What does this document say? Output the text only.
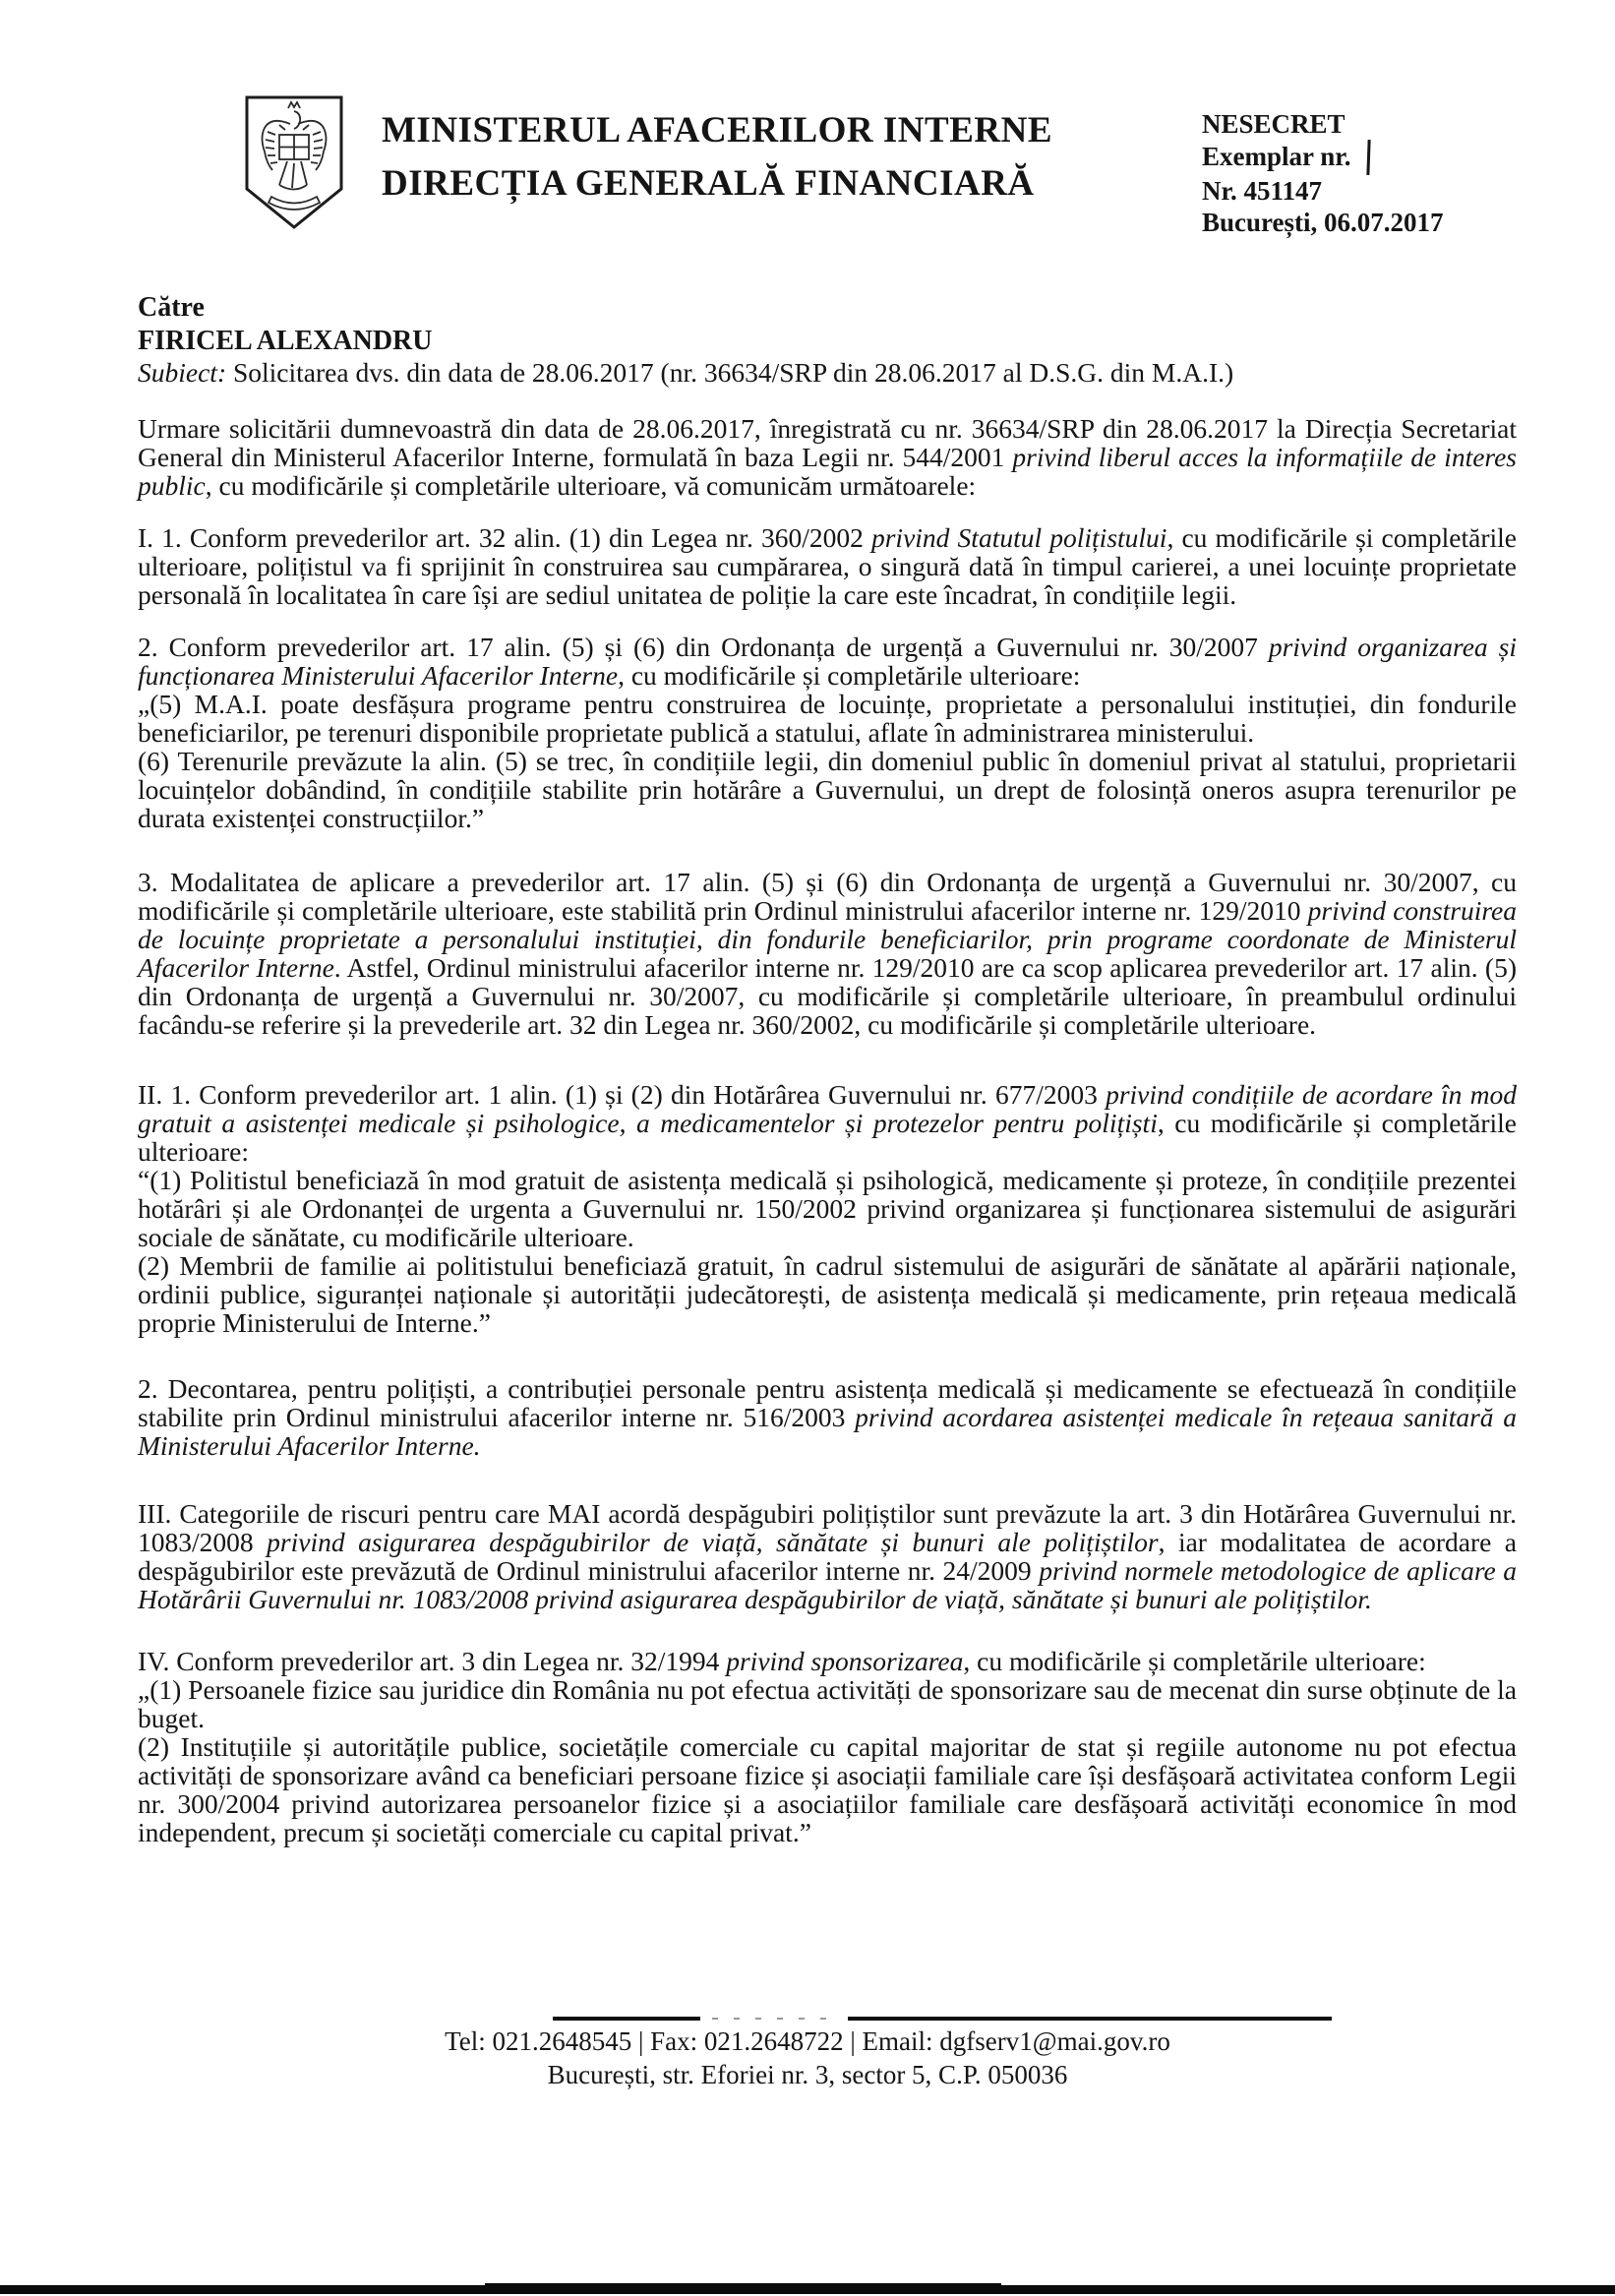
MINISTERUL AFACERILOR INTERNE
DIRECȚIA GENERALĂ FINANCIARĂ
NESECRET
Exemplar nr.
Nr. 451147
București, 06.07.2017
Către
FIRICEL ALEXANDRU

Subiect: Solicitarea dvs. din data de 28.06.2017 (nr. 36634/SRP din 28.06.2017 al D.S.G. din M.A.I.)

Urmare solicitării dumnevoastră din data de 28.06.2017, înregistrată cu nr. 36634/SRP din 28.06.2017 la Direcția Secretariat General din Ministerul Afacerilor Interne, formulată în baza Legii nr. 544/2001 privind liberul acces la informațiile de interes public, cu modificările și completările ulterioare, vă comunicăm următoarele:

I. 1. Conform prevederilor art. 32 alin. (1) din Legea nr. 360/2002 privind Statutul polițistului, cu modificările și completările ulterioare, polițistul va fi sprijinit în construirea sau cumpărarea, o singură dată în timpul carierei, a unei locuințe proprietate personală în localitatea în care își are sediul unitatea de poliție la care este încadrat, în condițiile legii.

2. Conform prevederilor art. 17 alin. (5) și (6) din Ordonanța de urgență a Guvernului nr. 30/2007 privind organizarea și funcționarea Ministerului Afacerilor Interne, cu modificările și completările ulterioare:

„(5) M.A.I. poate desfășura programe pentru construirea de locuințe, proprietate a personalului instituției, din fondurile beneficiarilor, pe terenuri disponibile proprietate publică a statului, aflate în administrarea ministerului.

(6) Terenurile prevăzute la alin. (5) se trec, în condițiile legii, din domeniul public în domeniul privat al statului, proprietarii locuințelor dobândind, în condițiile stabilite prin hotărâre a Guvernului, un drept de folosință oneros asupra terenurilor pe durata existenței construcțiilor.”

3. Modalitatea de aplicare a prevederilor art. 17 alin. (5) și (6) din Ordonanța de urgență a Guvernului nr. 30/2007, cu modificările și completările ulterioare, este stabilită prin Ordinul ministrului afacerilor interne nr. 129/2010 privind construirea de locuințe proprietate a personalului instituției, din fondurile beneficiarilor, prin programe coordonate de Ministerul Afacerilor Interne. Astfel, Ordinul ministrului afacerilor interne nr. 129/2010 are ca scop aplicarea prevederilor art. 17 alin. (5) din Ordonanța de urgență a Guvernului nr. 30/2007, cu modificările și completările ulterioare, în preambulul ordinului facându-se referire și la prevederile art. 32 din Legea nr. 360/2002, cu modificările și completările ulterioare.

II. 1. Conform prevederilor art. 1 alin. (1) și (2) din Hotărârea Guvernului nr. 677/2003 privind condițiile de acordare în mod gratuit a asistenței medicale și psihologice, a medicamentelor și protezelor pentru polițiști, cu modificările și completările ulterioare:

“(1) Politistul beneficiază în mod gratuit de asistența medicală și psihologică, medicamente și proteze, în condițiile prezentei hotărâri și ale Ordonanței de urgenta a Guvernului nr. 150/2002 privind organizarea și funcționarea sistemului de asigurări sociale de sănătate, cu modificările ulterioare.

(2) Membrii de familie ai politistului beneficiază gratuit, în cadrul sistemului de asigurări de sănătate al apărării naționale, ordinii publice, siguranței naționale și autorității judecătorești, de asistența medicală și medicamente, prin rețeaua medicală proprie Ministerului de Interne.”

2. Decontarea, pentru polițiști, a contribuției personale pentru asistența medicală și medicamente se efectuează în condițiile stabilite prin Ordinul ministrului afacerilor interne nr. 516/2003 privind acordarea asistenței medicale în rețeaua sanitară a Ministerului Afacerilor Interne.

III. Categoriile de riscuri pentru care MAI acordă despăgubiri polițiștilor sunt prevăzute la art. 3 din Hotărârea Guvernului nr. 1083/2008 privind asigurarea despăgubirilor de viață, sănătate și bunuri ale polițiștilor, iar modalitatea de acordare a despăgubirilor este prevăzută de Ordinul ministrului afacerilor interne nr. 24/2009 privind normele metodologice de aplicare a Hotărârii Guvernului nr. 1083/2008 privind asigurarea despăgubirilor de viață, sănătate și bunuri ale polițiștilor.

IV. Conform prevederilor art. 3 din Legea nr. 32/1994 privind sponsorizarea, cu modificările și completările ulterioare:

„(1) Persoanele fizice sau juridice din România nu pot efectua activități de sponsorizare sau de mecenat din surse obținute de la buget.

(2) Instituțiile și autoritățile publice, societățile comerciale cu capital majoritar de stat și regiile autonome nu pot efectua activități de sponsorizare având ca beneficiari persoane fizice și asociații familiale care își desfășoară activitatea conform Legii nr. 300/2004 privind autorizarea persoanelor fizice și a asociațiilor familiale care desfășoară activități economice în mod independent, precum și societăți comerciale cu capital privat.”

Tel: 021.2648545 | Fax: 021.2648722 | Email: dgfserv1@mai.gov.ro
București, str. Eforiei nr. 3, sector 5, C.P. 050036
